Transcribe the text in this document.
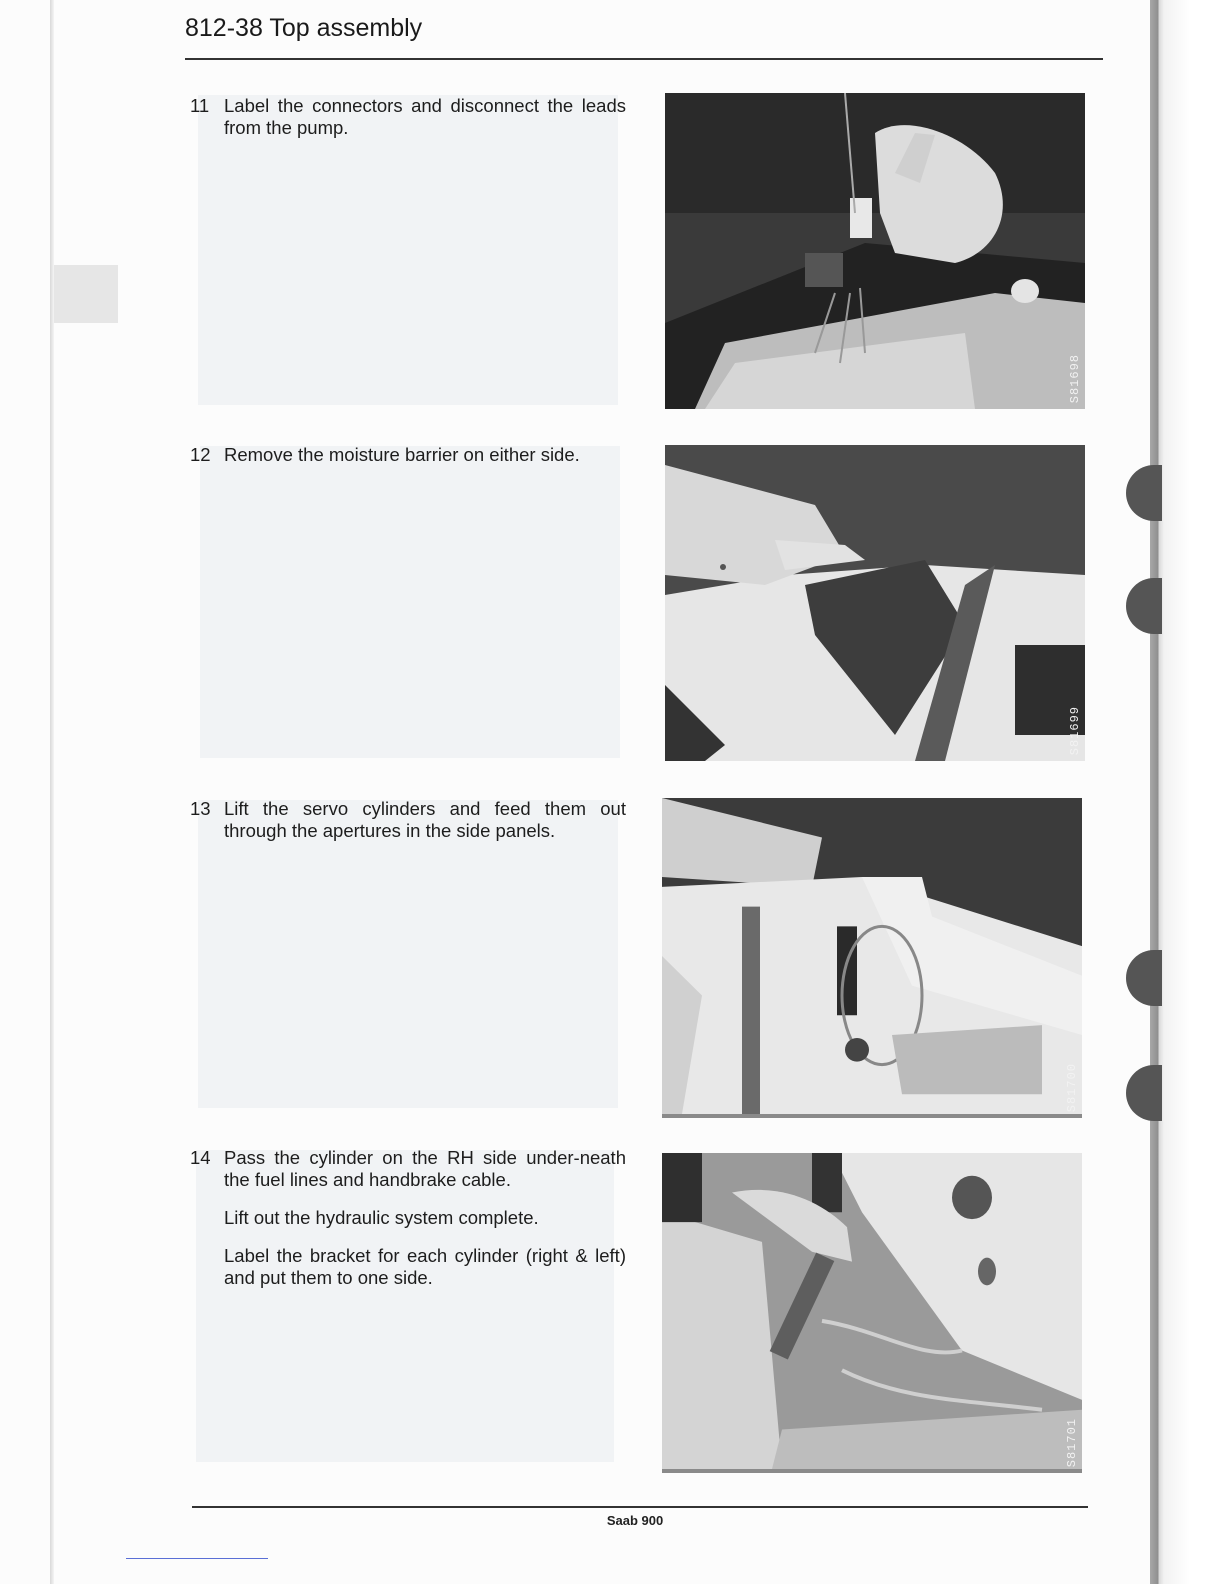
812-38 Top assembly
11 Label the connectors and disconnect the leads from the pump.
12 Remove the moisture barrier on either side.
13 Lift the servo cylinders and feed them out through the apertures in the side panels.
14 Pass the cylinder on the RH side under-neath the fuel lines and handbrake cable.
Lift out the hydraulic system complete.
Label the bracket for each cylinder (right & left) and put them to one side.
S81698
S81699
S81700
S81701
Saab 900
